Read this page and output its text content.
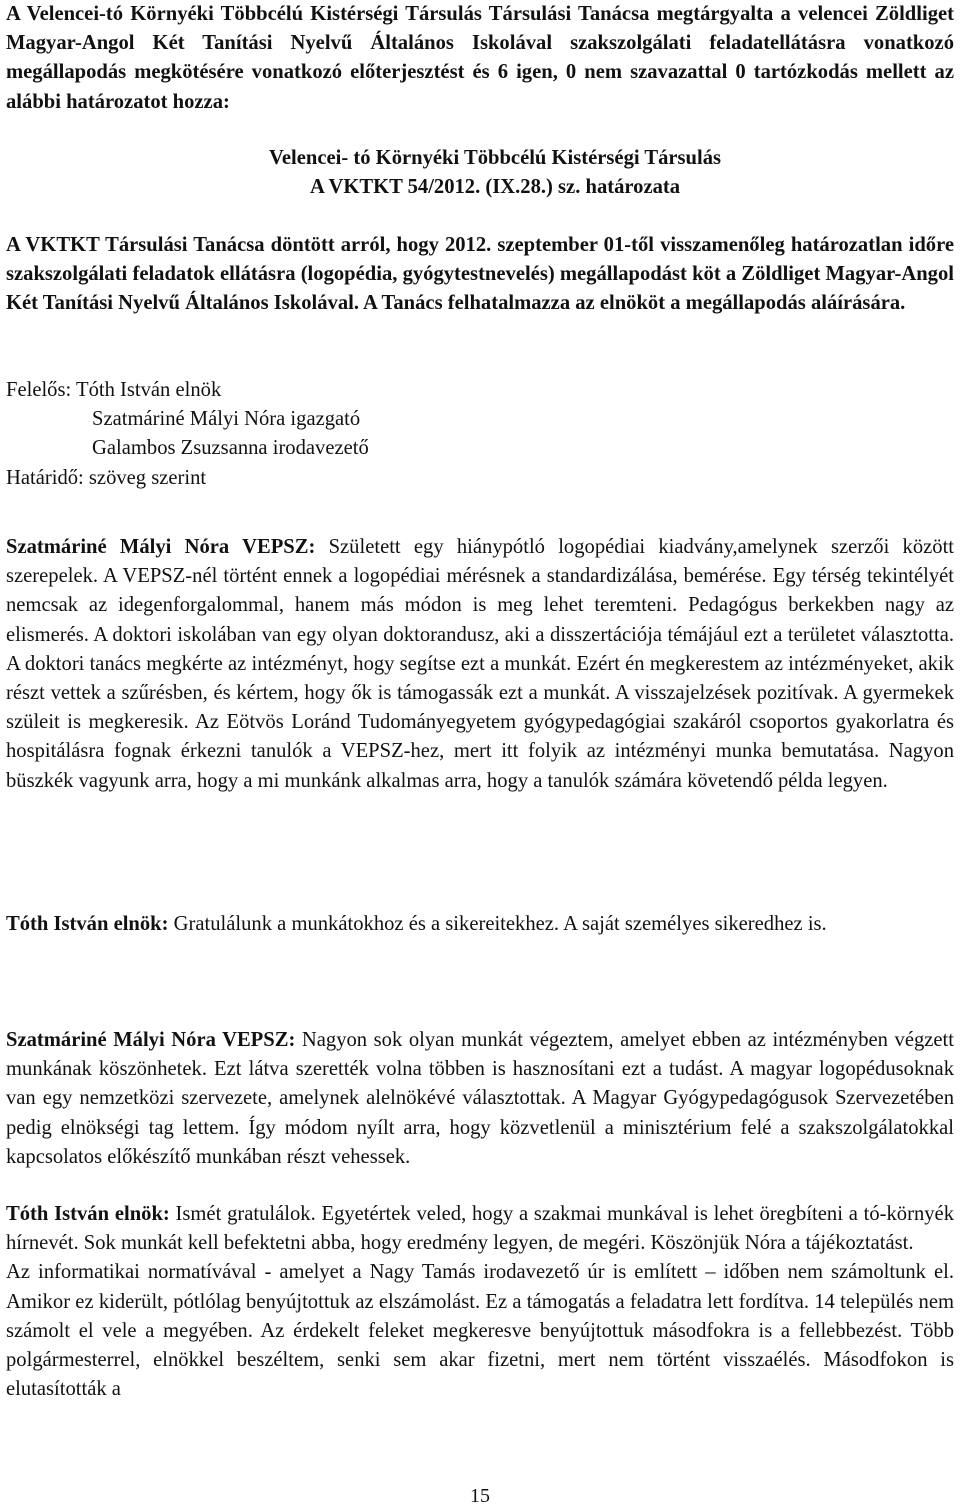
A Velencei-tó Környéki Többcélú Kistérségi Társulás Társulási Tanácsa megtárgyalta a velencei Zöldliget Magyar-Angol Két Tanítási Nyelvű Általános Iskolával szakszolgálati feladatellátásra vonatkozó megállapodás megkötésére vonatkozó előterjesztést és 6 igen, 0 nem szavazattal 0 tartózkodás mellett az alábbi határozatot hozza:

Velencei- tó Környéki Többcélú Kistérségi Társulás
A VKTKT 54/2012. (IX.28.) sz. határozata

A VKTKT Társulási Tanácsa döntött arról, hogy 2012. szeptember 01-től visszamenőleg határozatlan időre szakszolgálati feladatok ellátásra (logopédia, gyógytestnevelés) megállapodást köt a Zöldliget Magyar-Angol Két Tanítási Nyelvű Általános Iskolával. A Tanács felhatalmazza az elnököt a megállapodás aláírására.

Felelős: Tóth István elnök
Szatmáriné Mályi Nóra igazgató
Galambos Zsuzsanna irodavezető
Határidő: szöveg szerint

Szatmáriné Mályi Nóra VEPSZ: Született egy hiánypótló logopédiai kiadvány,amelynek szerzői között szerepelek. A VEPSZ-nél történt ennek a logopédiai mérésnek a standardizálása, bemérése. Egy térség tekintélyét nemcsak az idegenforgalommal, hanem más módon is meg lehet teremteni. Pedagógus berkekben nagy az elismerés. A doktori iskolában van egy olyan doktorandusz, aki a disszertációja témájául ezt a területet választotta. A doktori tanács megkérte az intézményt, hogy segítse ezt a munkát. Ezért én megkerestem az intézményeket, akik részt vettek a szűrésben, és kértem, hogy ők is támogassák ezt a munkát. A visszajelzések pozitívak. A gyermekek szüleit is megkeresik. Az Eötvös Loránd Tudományegyetem gyógypedagógiai szakáról csoportos gyakorlatra és hospitálásra fognak érkezni tanulók a VEPSZ-hez, mert itt folyik az intézményi munka bemutatása. Nagyon büszkék vagyunk arra, hogy a mi munkánk alkalmas arra, hogy a tanulók számára követendő példa legyen.

Tóth István elnök: Gratulálunk a munkátokhoz és a sikereitekhez. A saját személyes sikeredhez is.

Szatmáriné Mályi Nóra VEPSZ: Nagyon sok olyan munkát végeztem, amelyet ebben az intézményben végzett munkának köszönhetek. Ezt látva szerették volna többen is hasznosítani ezt a tudást. A magyar logopédusoknak van egy nemzetközi szervezete, amelynek alelnökévé választottak. A Magyar Gyógypedagógusok Szervezetében pedig elnökségi tag lettem. Így módom nyílt arra, hogy közvetlenül a minisztérium felé a szakszolgálatokkal kapcsolatos előkészítő munkában részt vehessek.

Tóth István elnök: Ismét gratulálok. Egyetértek veled, hogy a szakmai munkával is lehet öregbíteni a tó-környék hírnevét. Sok munkát kell befektetni abba, hogy eredmény legyen, de megéri. Köszönjük Nóra a tájékoztatást.

Az informatikai normatívával - amelyet a Nagy Tamás irodavezető úr is említett – időben nem számoltunk el. Amikor ez kiderült, pótlólag benyújtottuk az elszámolást. Ez a támogatás a feladatra lett fordítva. 14 település nem számolt el vele a megyében. Az érdekelt feleket megkeresve benyújtottuk másodfokra is a fellebbezést. Több polgármesterrel, elnökkel beszéltem, senki sem akar fizetni, mert nem történt visszaélés. Másodfokon is elutasították a

15
